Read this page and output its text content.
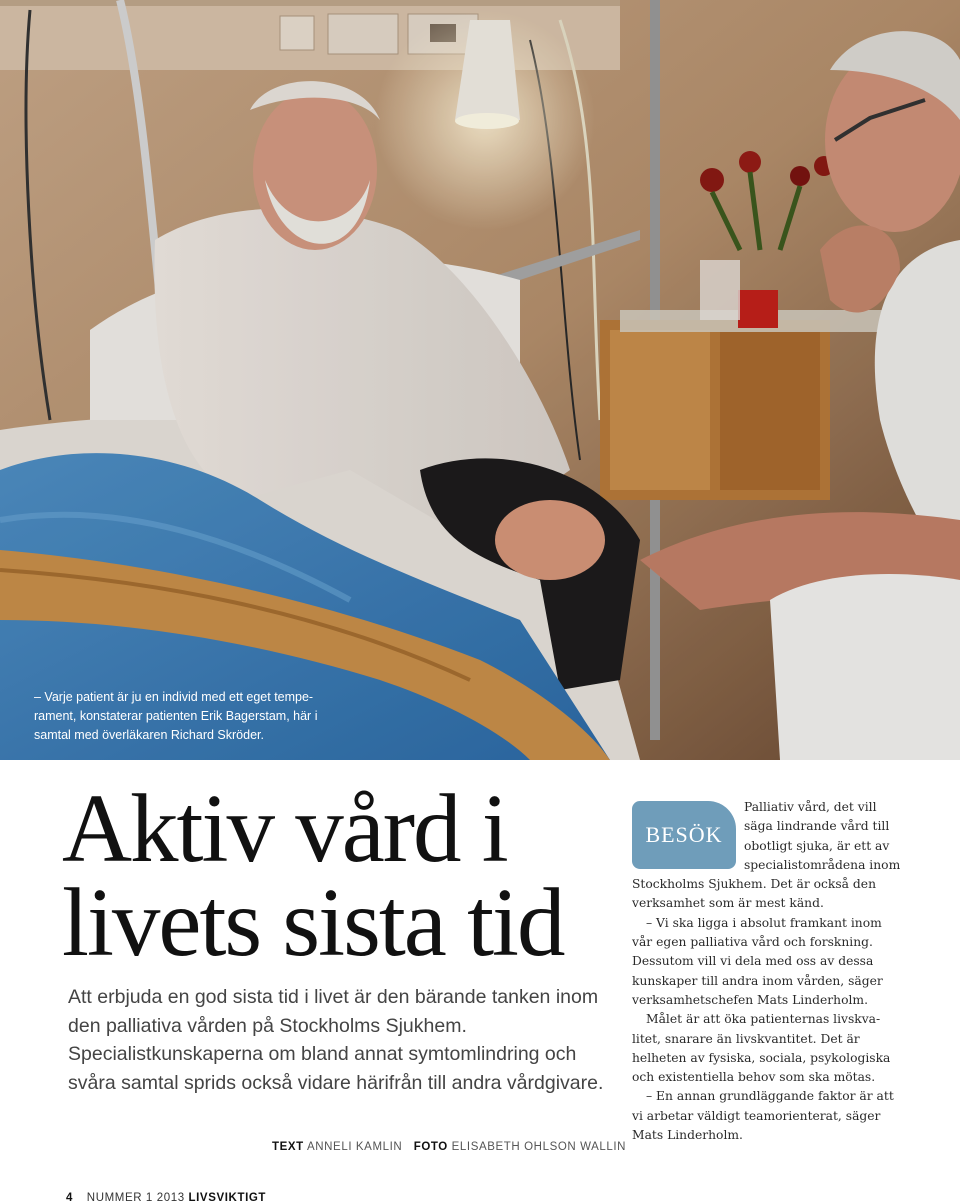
– Varje patient är ju en individ med ett eget tempe-rament, konstaterar patienten Erik Bagerstam, här i samtal med överläkaren Richard Skröder.

Aktiv vård i
livets sista tid

Att erbjuda en god sista tid i livet är den bärande tanken inom den palliativa vården på Stockholms Sjukhem. Specialistkunskaperna om bland annat symtomlindring och svåra samtal sprids också vidare härifrån till andra vårdgivare.

TEXT ANNELI KAMLIN FOTO ELISABETH OHLSON WALLIN
BESÖK

Palliativ vård, det vill säga lindrande vård till obotligt sjuka, är ett av specialistområdena inom Stockholms Sjukhem. Det är också den verksamhet som är mest känd.

– Vi ska ligga i absolut framkant inom vår egen palliativa vård och forskning. Dessutom vill vi dela med oss av dessa kunskaper till andra inom vården, säger verksamhetschefen Mats Linderholm.

Målet är att öka patienternas livskva-litet, snarare än livskvantitet. Det är helheten av fysiska, sociala, psykologiska och existentiella behov som ska mötas.

– En annan grundläggande faktor är att vi arbetar väldigt teamorienterat, säger Mats Linderholm.

4 NUMMER 1 2013 LIVSVIKTIGT
